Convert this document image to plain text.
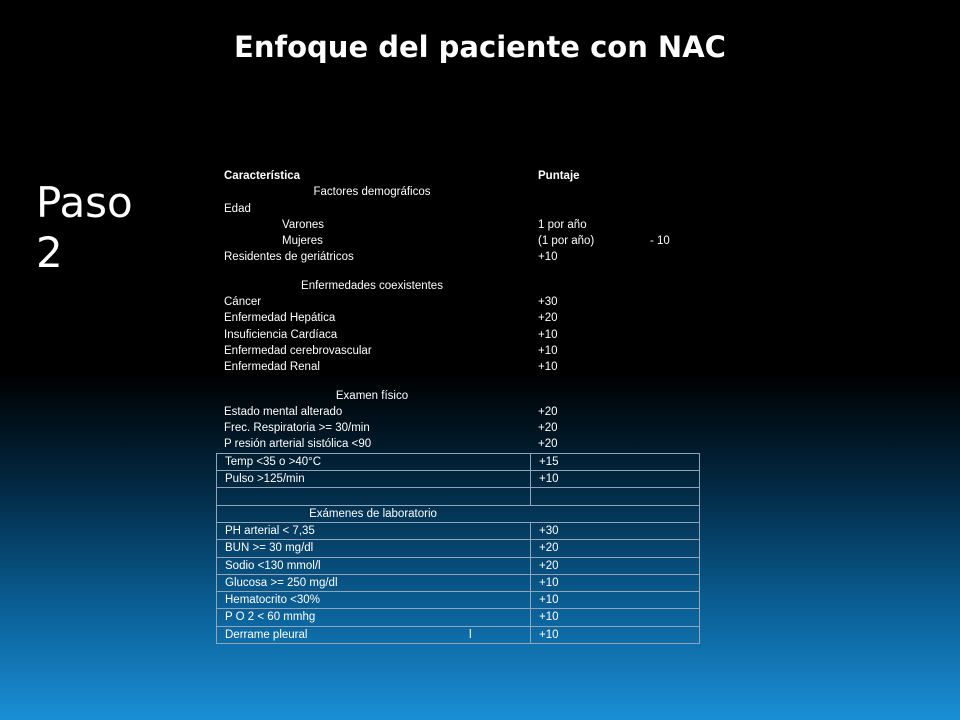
Enfoque del paciente con NAC
Paso
2
Característica	Puntaje
Factores demográficos
Edad
Varones	1 por año
Mujeres	(1 por año)	- 10
Residentes de geriátricos	+10
Enfermedades coexistentes
Cáncer	+30
Enfermedad Hepática	+20
Insuficiencia Cardíaca	+10
Enfermedad cerebrovascular	+10
Enfermedad Renal	+10
Examen físico
Estado mental alterado	+20
Frec. Respiratoria >= 30/min	+20
P resión arterial sistólica <90	+20
Temp <35 o >40°C	+15
Pulso >125/min	+10
Exámenes de laboratorio
PH arterial < 7,35	+30
BUN >= 30 mg/dl	+20
Sodio <130 mmol/l	+20
Glucosa >= 250 mg/dl	+10
Hematocrito <30%	+10
P O 2 < 60 mmhg	+10
Derrame pleural	l	+10
